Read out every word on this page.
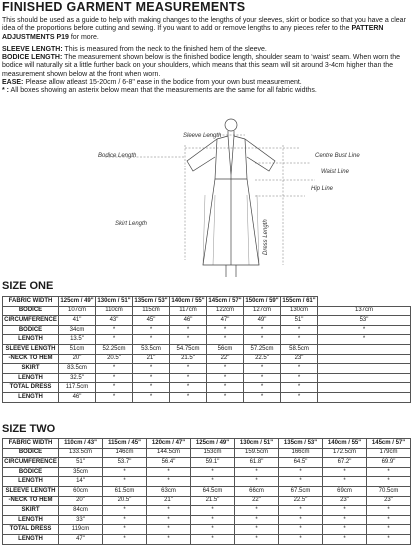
FINISHED GARMENT MEASUREMENTS

This should be used as a guide to help with making changes to the lengths of your sleeves, skirt or bodice so that you have a clear idea of the proportions before cutting and sewing. If you want to add or remove lengths to any pieces refer to the PATTERN ADJUSTMENTS P19 for more.

SLEEVE LENGTH: This is measured from the neck to the finished hem of the sleeve.

BODICE LENGTH: The measurement shown below is the finished bodice length, shoulder seam to ‘waist’ seam. When worn the bodice will naturally sit a little further back on your shoulders, which means that this seam will sit around 3-4cm higher than the measurement shown below at the front when worn.

EASE: Please allow atleast 15-20cm / 6-8" ease in the bodice from your own bust measurement.

* : All boxes showing an asterix below mean that the measurements are the same for all fabric widths.

Sleeve Length
Bodice Length	Centre Bust Line
Waist Line
Hip Line
Skirt Length	Dress Length
SIZE ONE
FABRIC WIDTH	125cm / 49"	130cm / 51"	135cm / 53"	140cm / 55"	145cm / 57"	150cm / 59"	155cm / 61"	
BODICE	107cm	110cm	115cm	117cm	122cm	127cm	130cm	137cm
CIRCUMFERENCE	41"	43"	45"	46"	47"	49"	51"	53"
BODICE	34cm	*	*	*	*	*	*	*
LENGTH	13.5"	*	*	*	*	*	*	*
SLEEVE LENGTH	51cm	52.25cm	53.5cm	54.75cm	56cm	57.25cm	58.5cm	
-NECK TO HEM	20"	20.5"	21"	21.5"	22"	22.5"	23"	
SKIRT	83.5cm	*	*	*	*	*	*	
LENGTH	32.5"	*	*	*	*	*	*	
TOTAL DRESS	117.5cm	*	*	*	*	*	*	
LENGTH	46"	*	*	*	*	*	*	
SIZE TWO
FABRIC WIDTH	110cm / 43"	115cm / 45"	120cm / 47"	125cm / 49"	130cm / 51"	135cm / 53"	140cm / 55"	145cm / 57"
BODICE	133.5cm	146cm	144.5cm	153cm	159.5cm	166cm	172.5cm	179cm
CIRCUMFERENCE	51"	53.7"	56.4"	59.1"	61.8"	64.5"	67.2"	69.9"
BODICE	35cm	*	*	*	*	*	*	*
LENGTH	14"	*	*	*	*	*	*	*
SLEEVE LENGTH	60cm	61.5cm	63cm	64.5cm	66cm	67.5cm	69cm	70.5cm
-NECK TO HEM	20"	20.5"	21"	21.5"	22"	22.5"	23"	23"
SKIRT	84cm	*	*	*	*	*	*	*
LENGTH	33"	*	*	*	*	*	*	*
TOTAL DRESS	119cm	*	*	*	*	*	*	*
LENGTH	47"	*	*	*	*	*	*	*
